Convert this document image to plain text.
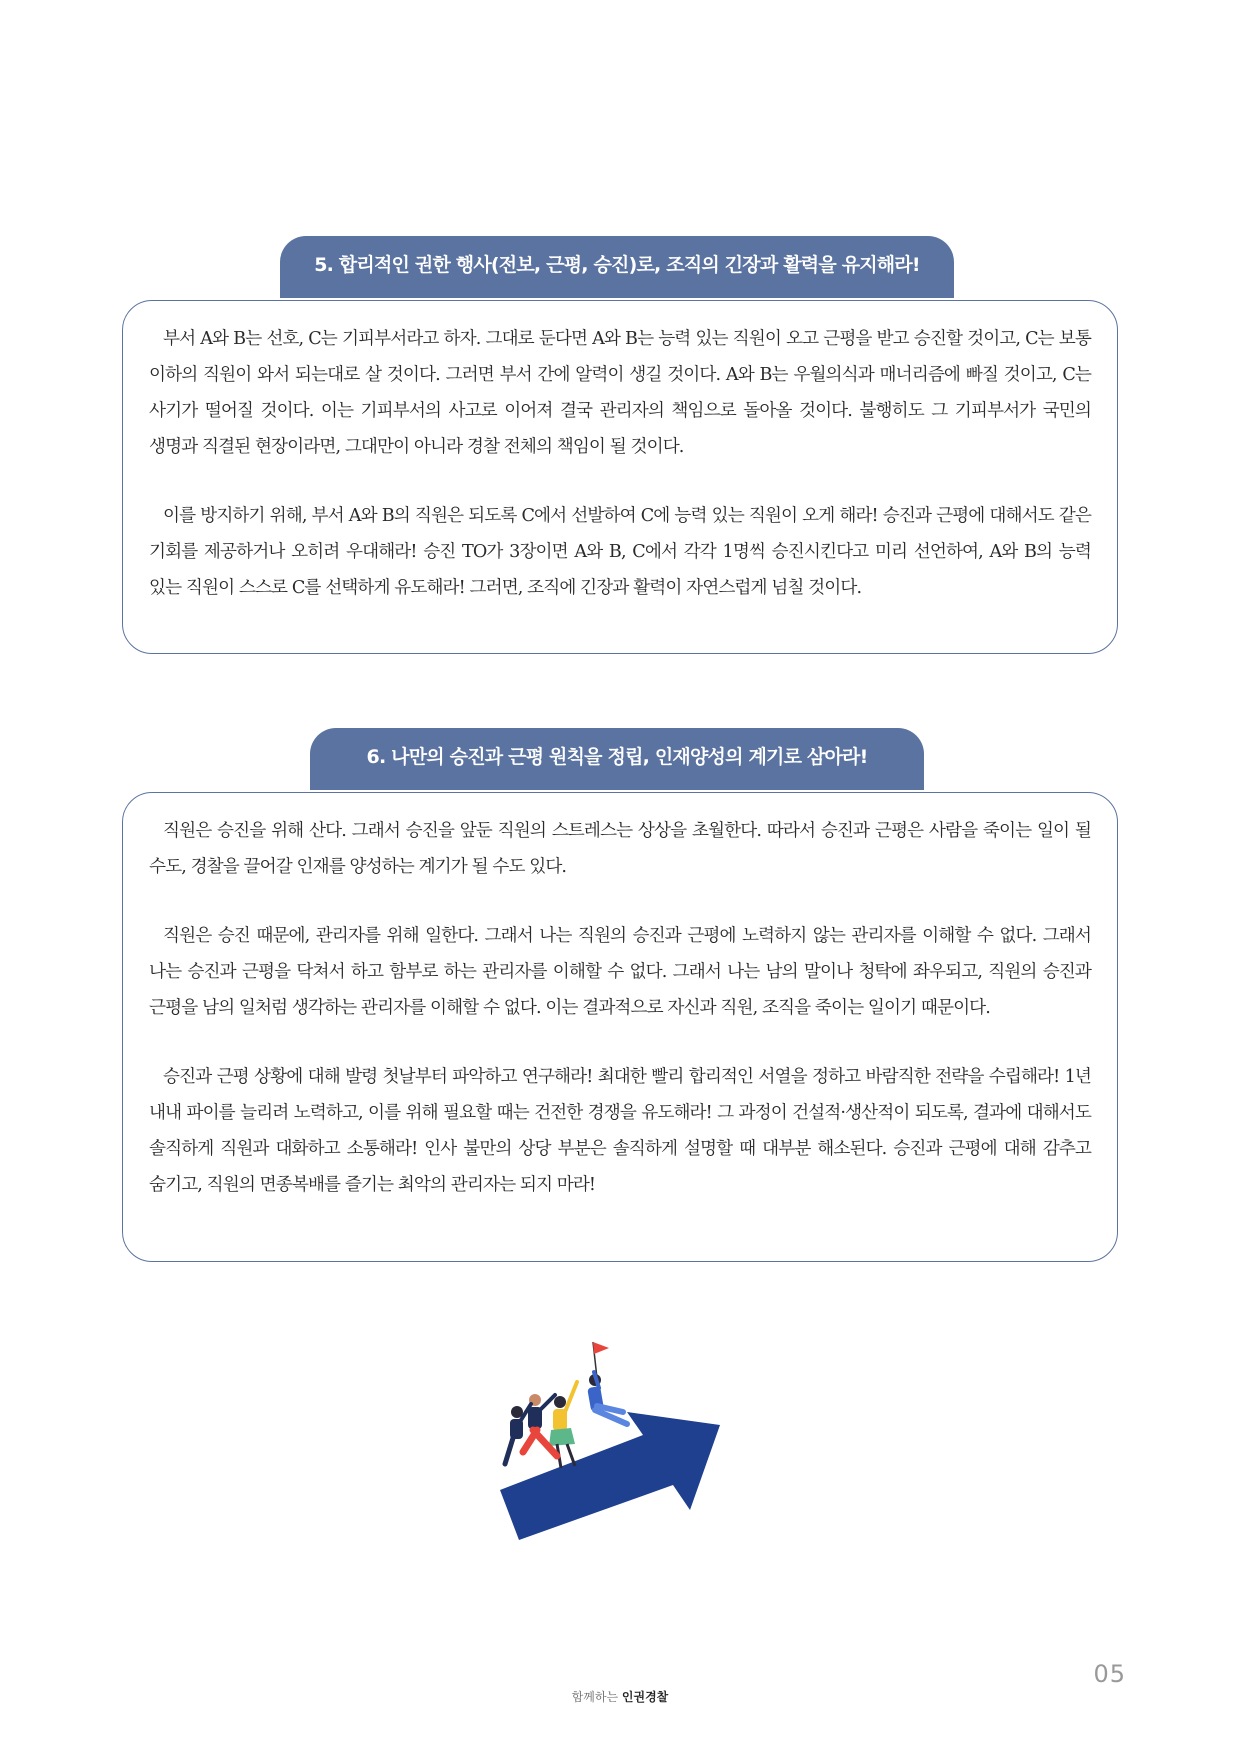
5. 합리적인 권한 행사(전보, 근평, 승진)로, 조직의 긴장과 활력을 유지해라!

부서 A와 B는 선호, C는 기피부서라고 하자. 그대로 둔다면 A와 B는 능력 있는 직원이 오고 근평을 받고 승진할 것이고, C는 보통 이하의 직원이 와서 되는대로 살 것이다. 그러면 부서 간에 알력이 생길 것이다. A와 B는 우월의식과 매너리즘에 빠질 것이고, C는 사기가 떨어질 것이다. 이는 기피부서의 사고로 이어져 결국 관리자의 책임으로 돌아올 것이다. 불행히도 그 기피부서가 국민의 생명과 직결된 현장이라면, 그대만이 아니라 경찰 전체의 책임이 될 것이다.

이를 방지하기 위해, 부서 A와 B의 직원은 되도록 C에서 선발하여 C에 능력 있는 직원이 오게 해라! 승진과 근평에 대해서도 같은 기회를 제공하거나 오히려 우대해라! 승진 TO가 3장이면 A와 B, C에서 각각 1명씩 승진시킨다고 미리 선언하여, A와 B의 능력 있는 직원이 스스로 C를 선택하게 유도해라! 그러면, 조직에 긴장과 활력이 자연스럽게 넘칠 것이다.

6. 나만의 승진과 근평 원칙을 정립, 인재양성의 계기로 삼아라!

직원은 승진을 위해 산다. 그래서 승진을 앞둔 직원의 스트레스는 상상을 초월한다. 따라서 승진과 근평은 사람을 죽이는 일이 될 수도, 경찰을 끌어갈 인재를 양성하는 계기가 될 수도 있다.

직원은 승진 때문에, 관리자를 위해 일한다. 그래서 나는 직원의 승진과 근평에 노력하지 않는 관리자를 이해할 수 없다. 그래서 나는 승진과 근평을 닥쳐서 하고 함부로 하는 관리자를 이해할 수 없다. 그래서 나는 남의 말이나 청탁에 좌우되고, 직원의 승진과 근평을 남의 일처럼 생각하는 관리자를 이해할 수 없다. 이는 결과적으로 자신과 직원, 조직을 죽이는 일이기 때문이다.

승진과 근평 상황에 대해 발령 첫날부터 파악하고 연구해라! 최대한 빨리 합리적인 서열을 정하고 바람직한 전략을 수립해라! 1년 내내 파이를 늘리려 노력하고, 이를 위해 필요할 때는 건전한 경쟁을 유도해라! 그 과정이 건설적·생산적이 되도록, 결과에 대해서도 솔직하게 직원과 대화하고 소통해라! 인사 불만의 상당 부분은 솔직하게 설명할 때 대부분 해소된다. 승진과 근평에 대해 감추고 숨기고, 직원의 면종복배를 즐기는 최악의 관리자는 되지 마라!

함께하는 인권경찰
05
